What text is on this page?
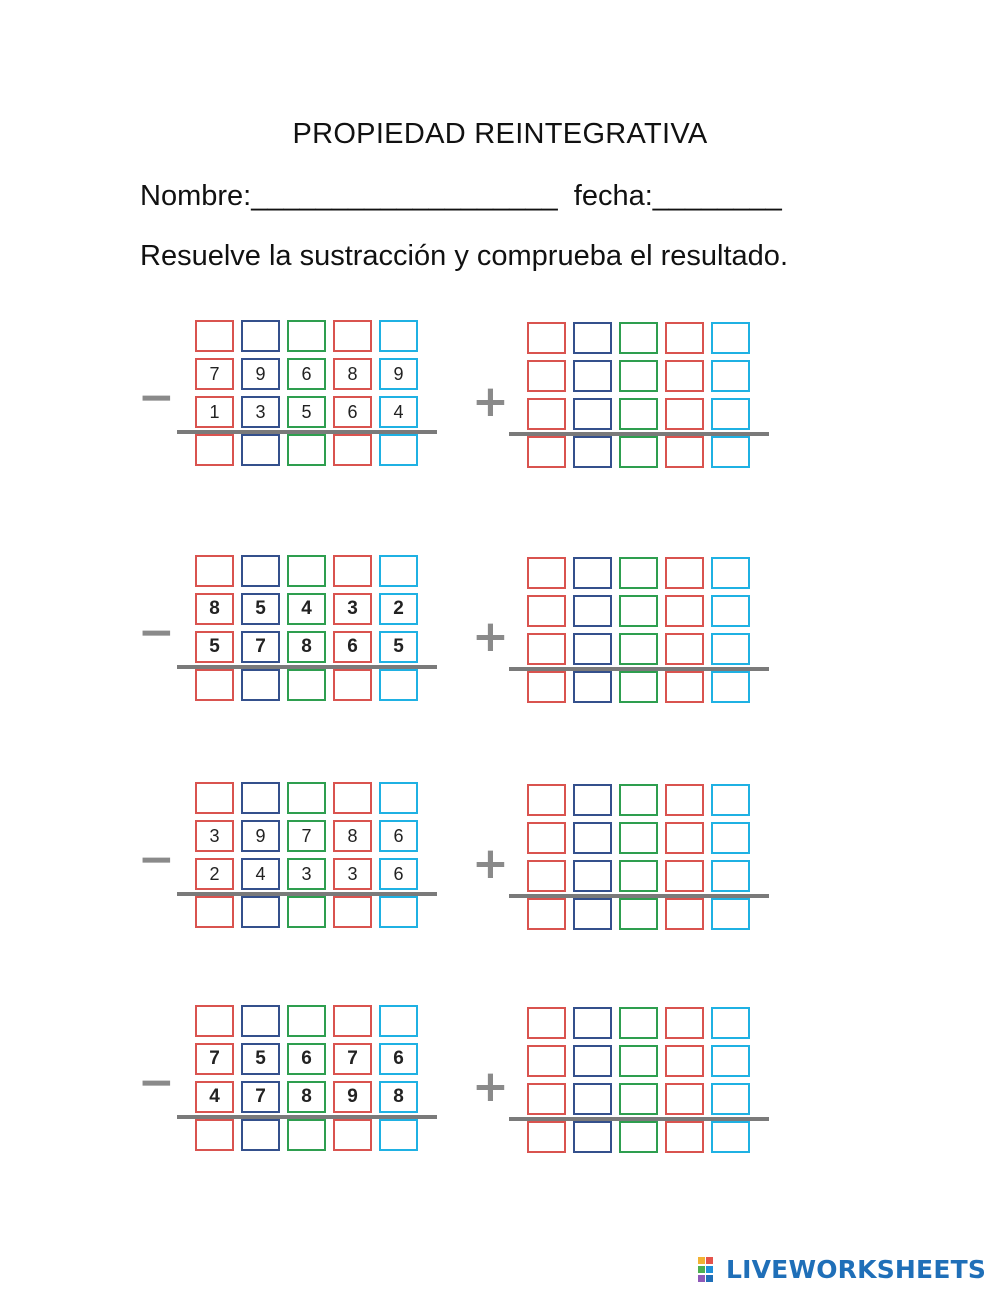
PROPIEDAD REINTEGRATIVA
Nombre:___________________ fecha:________
Resuelve la sustracción y comprueba el resultado.
−	+
7	9	6	8	9
1	3	5	6	4
−	+
8	5	4	3	2
5	7	8	6	5
−	+
3	9	7	8	6
2	4	3	3	6
−	+
7	5	6	7	6
4	7	8	9	8
LIVEWORKSHEETS
